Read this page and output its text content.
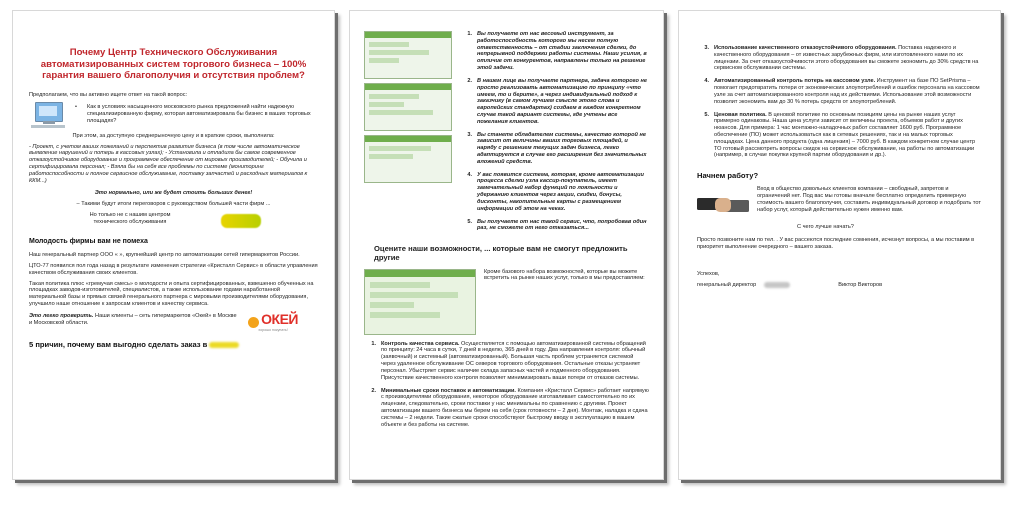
Почему Центр Технического Обслуживания автоматизированных систем торгового бизнеса – 100% гарантия вашего благополучия и отсутствия проблем?
Предполагаем, что вы активно ищете ответ на такой вопрос:
•	Как в условиях насыщенного московского рынка предложений найти надежную специализированную фирму, которая автоматизировала бы бизнес в ваших торговых площадях?
При этом, за доступную среднерыночную цену и в краткие сроки, выполнила:
- Проект, с учетом ваших пожеланий и перспектив развития бизнеса (в том числе автоматическое выявление нарушений и потерь в кассовых узлах); - Установила и отладила бы самое современное отказоустойчивое оборудование и программное обеспечение от мировых производителей; - Обучила и сертифицировала персонал; - Взяла бы на себя все проблемы по системе (мониторинг работоспособности и полное сервисное обслуживание, поставку запчастей и расходных материалов к ККМ...)
Это нормально, или же будет стоить больших денег!
– Такими будут итоги переговоров с руководством большей части фирм ...
Но только не с нашим центром технического обслуживания
Молодость фирмы вам не помеха
Наш генеральный партнер ООО « », крупнейший центр по автоматизации сетей гипермаркетов России.
ЦТО-77 появился пол года назад в результате изменения стратегии «Кристалл Сервис» в области управления качеством обслуживания своих клиентов.
Такая политика плюс «гремучая смесь» о молодости и опыта сертифицированных, взвешенно обученных на площадках заводов-изготовителей, специалистов, а также использование годами наработанной материальной базы и прямых связей генерального партнера с мировыми производителями оборудования, улучшило наше отношение к запросам клиентов и качеству сервиса.
Это легко проверить. Наши клиенты – сеть гипермаркетов «Окей» в Москве и Московской области.	ОКЕЙ
хорошо покупать!
5 причин, почему вам выгодно сделать заказ в
1. Вы получаете от нас весомый инструмент, за работоспособность которого мы несем полную ответственность – от стадии заключения сделки, до непрерывной поддержки работы системы. Наши усилия, в отличие от конкурентов, направлены только на решение этой задачи.
2. В нашем лице вы получаете партнера, задача которого не просто реализовать автоматизацию по принципу «что имеем, то и берите», а через индивидуальный подход к заказчику (в самом лучшем смысле этого слова и европейских стандартах) создаем в каждом конкретном случае такой вариант системы, где учтены все пожелания клиентов.
3. Вы станете обладателем системы, качество которой не зависит от величины ваших торговых площадей, и наряду с решением текущих задач бизнеса, легко адаптируется в случае его расширения без значительных вложений средств.
4. У вас появится система, которая, кроме автоматизации процесса сделки узла кассир-покупатель, имеет замечательный набор функций по лояльности и удержанию клиентов через акции, скидки, бонусы, дисконты, накопительные карты с размещением информации об этом на чеках.
5. Вы получаете от нас такой сервис, что, попробовав один раз, не сможете от него отказаться...
Оцените наши возможности, ... которые вам не смогут предложить другие
Кроме базового набора возможностей, которые вы можете встретить на рынке наших услуг, только в мы предоставляем:
1. Контроль качества сервиса. Осуществляется с помощью автоматизированной системы обращений по принципу: 24 часа в сутки, 7 дней в неделю, 365 дней в году. Два направления контроля: обычный (заявочный) и системный (автоматизированный). Большая часть проблем устраняется системой через удаленное обслуживание ОС северов торгового оборудования. Остальные отказы устраняет персонал. Убыстряет сервис наличие склада запасных частей и подменного оборудования. Присутствие качественного контроля позволяет минимизировать ваши потери от отказов системы.
2. Минимальные сроки поставок и автоматизации. Компания «Кристалл Сервис» работает напрямую с производителями оборудования, некоторое оборудование изготавливает самостоятельно по их лицензии, следовательно, сроки поставки у нас минимальны по сравнению с другими. Проект автоматизации вашего бизнеса мы берем на себя (срок готовности – 2 дня). Монтаж, наладка и сдача системы – 2 недели. Такие сжатые сроки способствуют быстрому вводу в эксплуатацию в вашем объекте и без работы на системе.
3. Использование качественного отказоустойчивого оборудования. Поставка надежного и качественного оборудования – от известных зарубежных фирм, или изготовленного нами по их лицензии. За счет отказоустойчивости этого оборудования вы сможете экономить до 30% средств на сервисном обслуживании системы.
4. Автоматизированный контроль потерь на кассовом узле. Инструмент на базе ПО SetPrisma – помогает предотвратить потери от экономических злоупотреблений и ошибок персонала на кассовом узле за счет автоматизированного контроля над их действиями. Использование этой возможности позволит экономить вам до 30 % потерь средств от злоупотреблений.
5. Ценовая политика. В ценовой политике по основным позициям цены на рынке наших услуг примерно одинаковы. Наша цена услуги зависит от величины проекта, объемов работ и других нюансов. Для примера: 1 час монтажно-наладочных работ составляет 1600 руб. Программное обеспечение (ПО) может использоваться как в сетевых решениях, так и на малых торговых площадках. Цена данного продукта (одна лицензия) – 7000 руб. В каждом конкретном случае центр ТО готовый рассмотреть вопросы скидок на сервисное обслуживание, на работы по автоматизации (например, в случае покупки крупной партии оборудования и др.).
Начнем работу?
Вход в общество довольных клиентов компании – свободный, запретов и ограничений нет. Под вас мы готовы вначале бесплатно определить примерную стоимость вашего благополучия, составить индивидуальный договор и подобрать тот набор услуг, который действительно нужен именно вам.
С чего лучше начать?
Просто позвоните нам по тел. . У вас рассеются последние сомнения, исчезнут вопросы, а мы поставим в приоритет выполнение очередного – вашего заказа.
Успехов,
генеральный директор	Виктор Викторов
